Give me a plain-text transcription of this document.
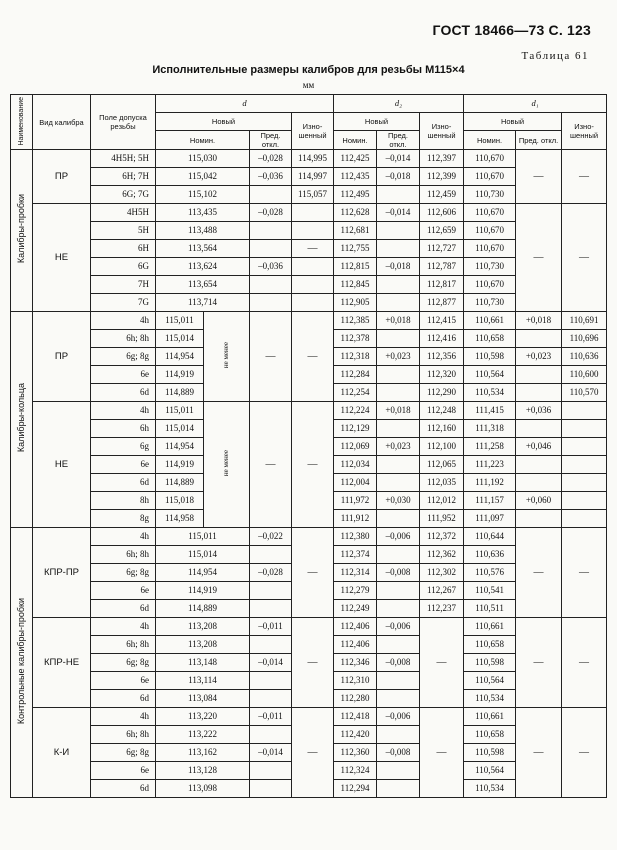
ГОСТ 18466—73 С. 123
Таблица 61
Исполнительные размеры калибров для резьбы М115×4
мм
Наименование	Вид калибра	Поле допуска резьбы	d				d₂			d₁		
			Новый			Изно-шенный	Новый		Изно-шенный	Новый		Изно-шенный
			Номин.		Пред. откл.		Номин.	Пред. откл.		Номин.	Пред. откл.	
Калибры-пробки	ПР	4H5H; 5H	115,030		–0,028	114,995	112,425	–0,014	112,397	110,670	—	—
		6H; 7H	115,042		–0,036	114,997	112,435	–0,018	112,399	110,670		
		6G; 7G	115,102			115,057	112,495		112,459	110,730		
	НЕ	4H5H	113,435		–0,028		112,628	–0,014	112,606	110,670	—	—
		5H	113,488				112,681		112,659	110,670		
		6H	113,564			—	112,755		112,727	110,670		
		6G	113,624		–0,036		112,815	–0,018	112,787	110,730		
		7H	113,654				112,845		112,817	110,670		
		7G	113,714				112,905		112,877	110,730		
Калибры-кольца	ПР	4h	115,011	не менее	—	—	112,385	+0,018	112,415	110,661	+0,018	110,691
		6h; 8h	115,014				112,378		112,416	110,658		110,696
		6g; 8g	114,954				112,318	+0,023	112,356	110,598	+0,023	110,636
		6e	114,919				112,284		112,320	110,564		110,600
		6d	114,889				112,254		112,290	110,534		110,570
	НЕ	4h	115,011	не менее	—	—	112,224	+0,018	112,248	111,415	+0,036	
		6h	115,014				112,129		112,160	111,318		
		6g	114,954				112,069	+0,023	112,100	111,258	+0,046	
		6e	114,919				112,034		112,065	111,223		
		6d	114,889				112,004		112,035	111,192		
		8h	115,018				111,972	+0,030	112,012	111,157	+0,060	
		8g	114,958				111,912		111,952	111,097		
Контрольные калибры-пробки	КПР-ПР	4h	115,011		–0,022	—	112,380	–0,006	112,372	110,644	—	—
		6h; 8h	115,014				112,374		112,362	110,636		
		6g; 8g	114,954		–0,028		112,314	–0,008	112,302	110,576		
		6e	114,919				112,279		112,267	110,541		
		6d	114,889				112,249		112,237	110,511		
	КПР-НЕ	4h	113,208		–0,011	—	112,406	–0,006	—	110,661	—	—
		6h; 8h	113,208				112,406			110,658		
		6g; 8g	113,148		–0,014		112,346	–0,008		110,598		
		6e	113,114				112,310			110,564		
		6d	113,084				112,280			110,534		
	К-И	4h	113,220		–0,011	—	112,418	–0,006	—	110,661	—	—
		6h; 8h	113,222				112,420			110,658		
		6g; 8g	113,162		–0,014		112,360	–0,008		110,598		
		6e	113,128				112,324			110,564		
		6d	113,098				112,294			110,534		
